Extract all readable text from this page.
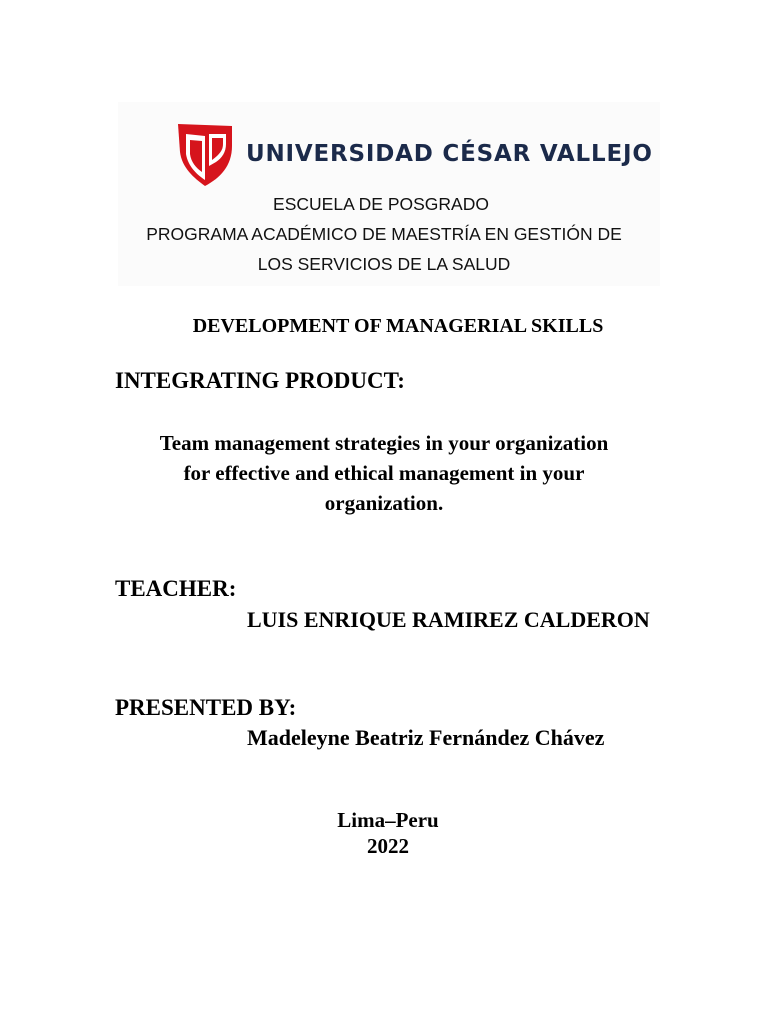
UNIVERSIDAD CÉSAR VALLEJO
ESCUELA DE POSGRADO
PROGRAMA ACADÉMICO DE MAESTRÍA EN GESTIÓN DE
LOS SERVICIOS DE LA SALUD
DEVELOPMENT OF MANAGERIAL SKILLS
INTEGRATING PRODUCT:
Team management strategies in your organization
for effective and ethical management in your
organization.
TEACHER:
LUIS ENRIQUE RAMIREZ CALDERON
PRESENTED BY:
Madeleyne Beatriz Fernández Chávez
Lima–Peru
2022
